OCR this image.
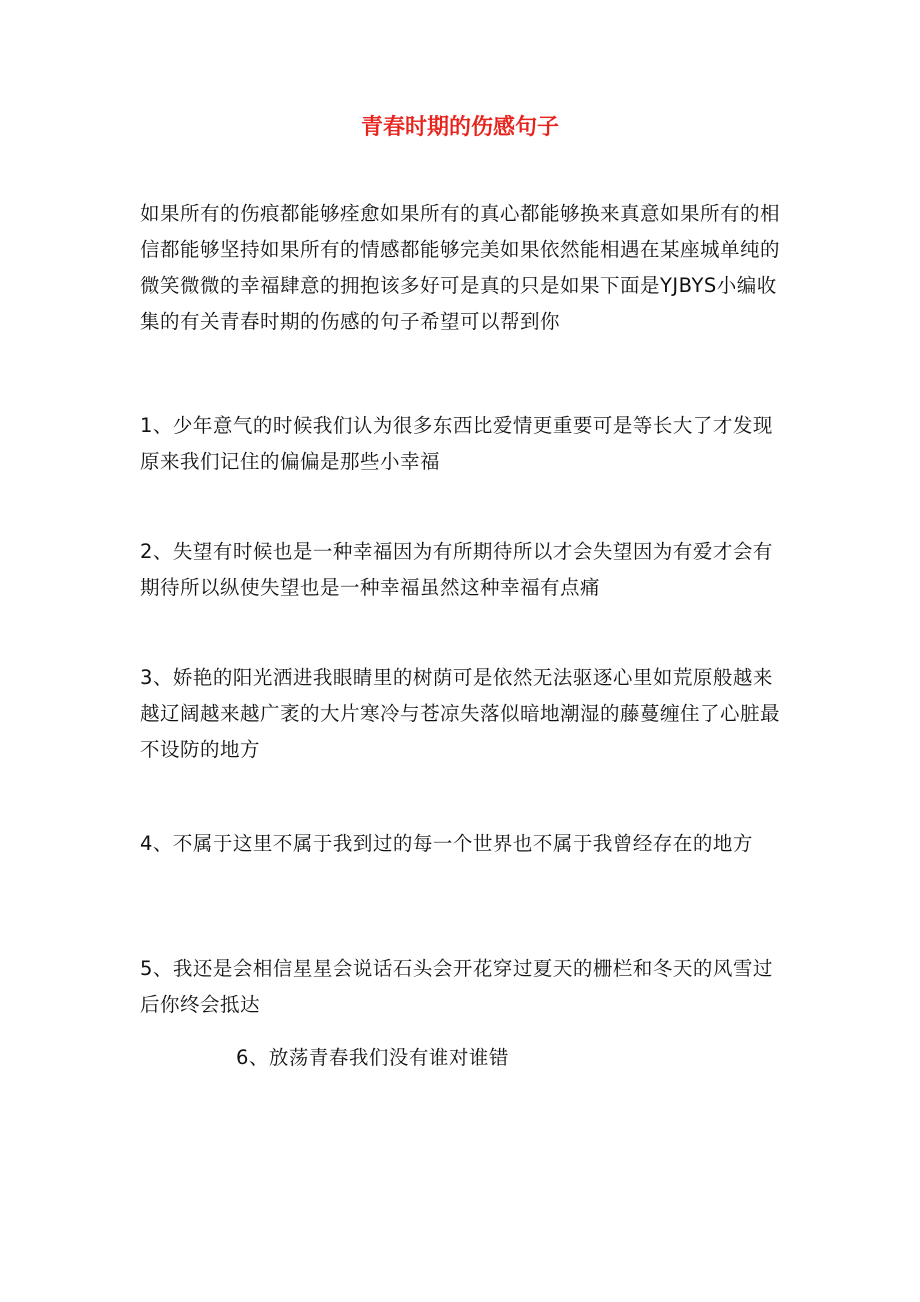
青春时期的伤感句子

如果所有的伤痕都能够痊愈如果所有的真心都能够换来真意如果所有的相信都能够坚持如果所有的情感都能够完美如果依然能相遇在某座城单纯的微笑微微的幸福肆意的拥抱该多好可是真的只是如果下面是YJBYS小编收集的有关青春时期的伤感的句子希望可以帮到你

1、少年意气的时候我们认为很多东西比爱情更重要可是等长大了才发现原来我们记住的偏偏是那些小幸福

2、失望有时候也是一种幸福因为有所期待所以才会失望因为有爱才会有期待所以纵使失望也是一种幸福虽然这种幸福有点痛

3、娇艳的阳光洒进我眼睛里的树荫可是依然无法驱逐心里如荒原般越来越辽阔越来越广袤的大片寒冷与苍凉失落似暗地潮湿的藤蔓缠住了心脏最不设防的地方

4、不属于这里不属于我到过的每一个世界也不属于我曾经存在的地方

5、我还是会相信星星会说话石头会开花穿过夏天的栅栏和冬天的风雪过后你终会抵达

6、放荡青春我们没有谁对谁错
